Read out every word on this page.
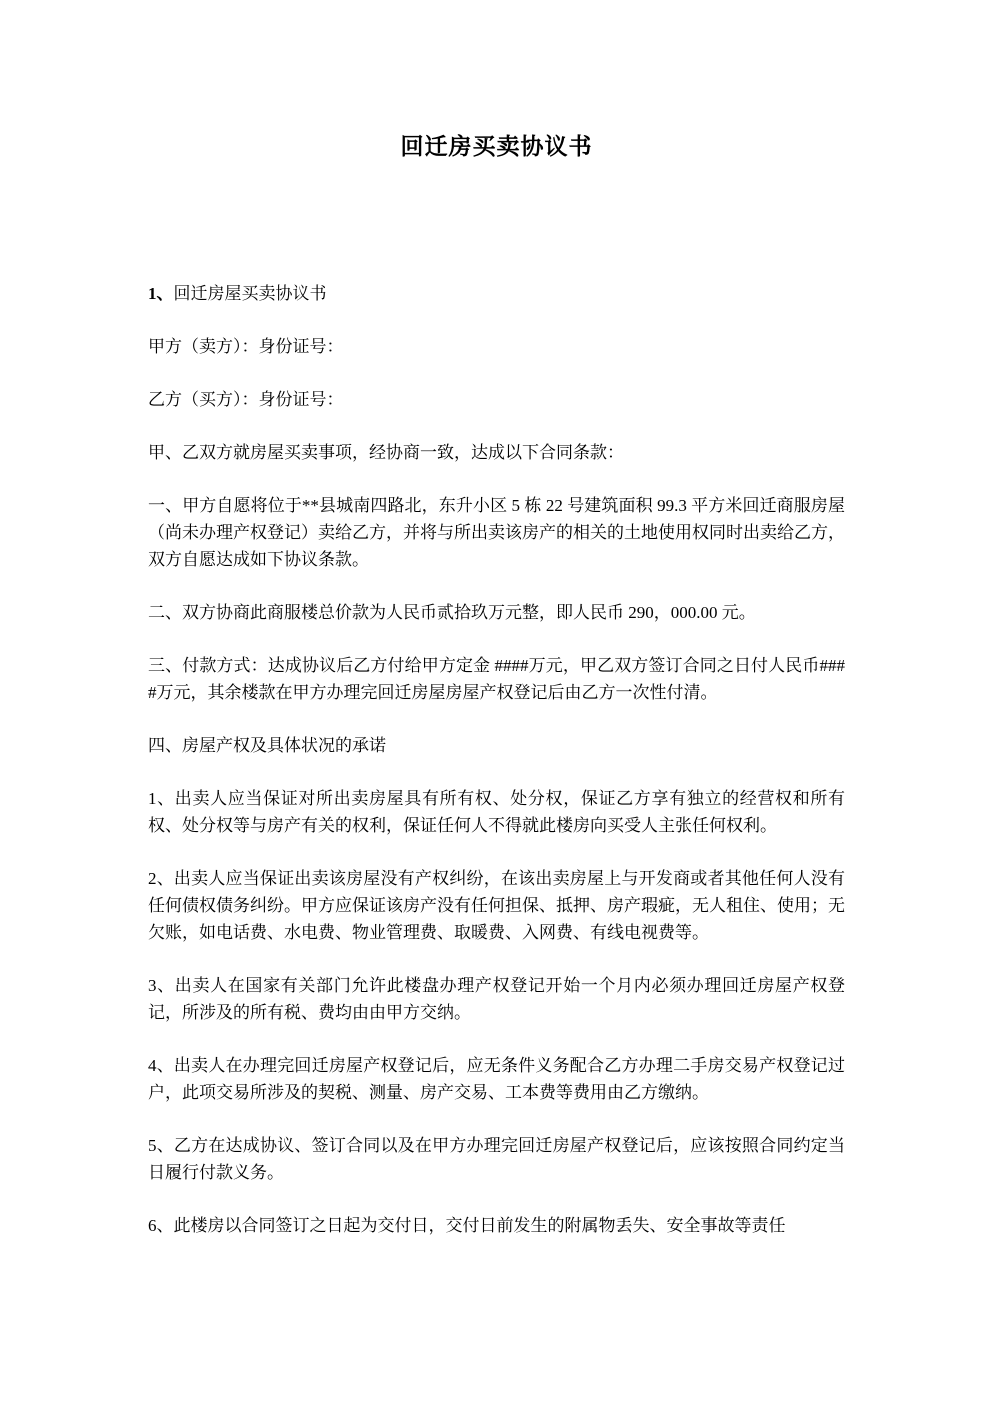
回迁房买卖协议书

1、回迁房屋买卖协议书

甲方（卖方）：身份证号：

乙方（买方）：身份证号：

甲、乙双方就房屋买卖事项，经协商一致，达成以下合同条款：

一、甲方自愿将位于**县城南四路北，东升小区 5 栋 22 号建筑面积 99.3 平方米回迁商服房屋（尚未办理产权登记）卖给乙方，并将与所出卖该房产的相关的土地使用权同时出卖给乙方，双方自愿达成如下协议条款。

二、双方协商此商服楼总价款为人民币贰拾玖万元整，即人民币 290，000.00 元。

三、付款方式：达成协议后乙方付给甲方定金 ####万元，甲乙双方签订合同之日付人民币####万元，其余楼款在甲方办理完回迁房屋房屋产权登记后由乙方一次性付清。

四、房屋产权及具体状况的承诺

1、出卖人应当保证对所出卖房屋具有所有权、处分权，保证乙方享有独立的经营权和所有权、处分权等与房产有关的权利，保证任何人不得就此楼房向买受人主张任何权利。

2、出卖人应当保证出卖该房屋没有产权纠纷，在该出卖房屋上与开发商或者其他任何人没有任何债权债务纠纷。甲方应保证该房产没有任何担保、抵押、房产瑕疵，无人租住、使用；无欠账，如电话费、水电费、物业管理费、取暖费、入网费、有线电视费等。

3、出卖人在国家有关部门允许此楼盘办理产权登记开始一个月内必须办理回迁房屋产权登记，所涉及的所有税、费均由由甲方交纳。

4、出卖人在办理完回迁房屋产权登记后，应无条件义务配合乙方办理二手房交易产权登记过户，此项交易所涉及的契税、测量、房产交易、工本费等费用由乙方缴纳。

5、乙方在达成协议、签订合同以及在甲方办理完回迁房屋产权登记后，应该按照合同约定当日履行付款义务。

6、此楼房以合同签订之日起为交付日，交付日前发生的附属物丢失、安全事故等责任
